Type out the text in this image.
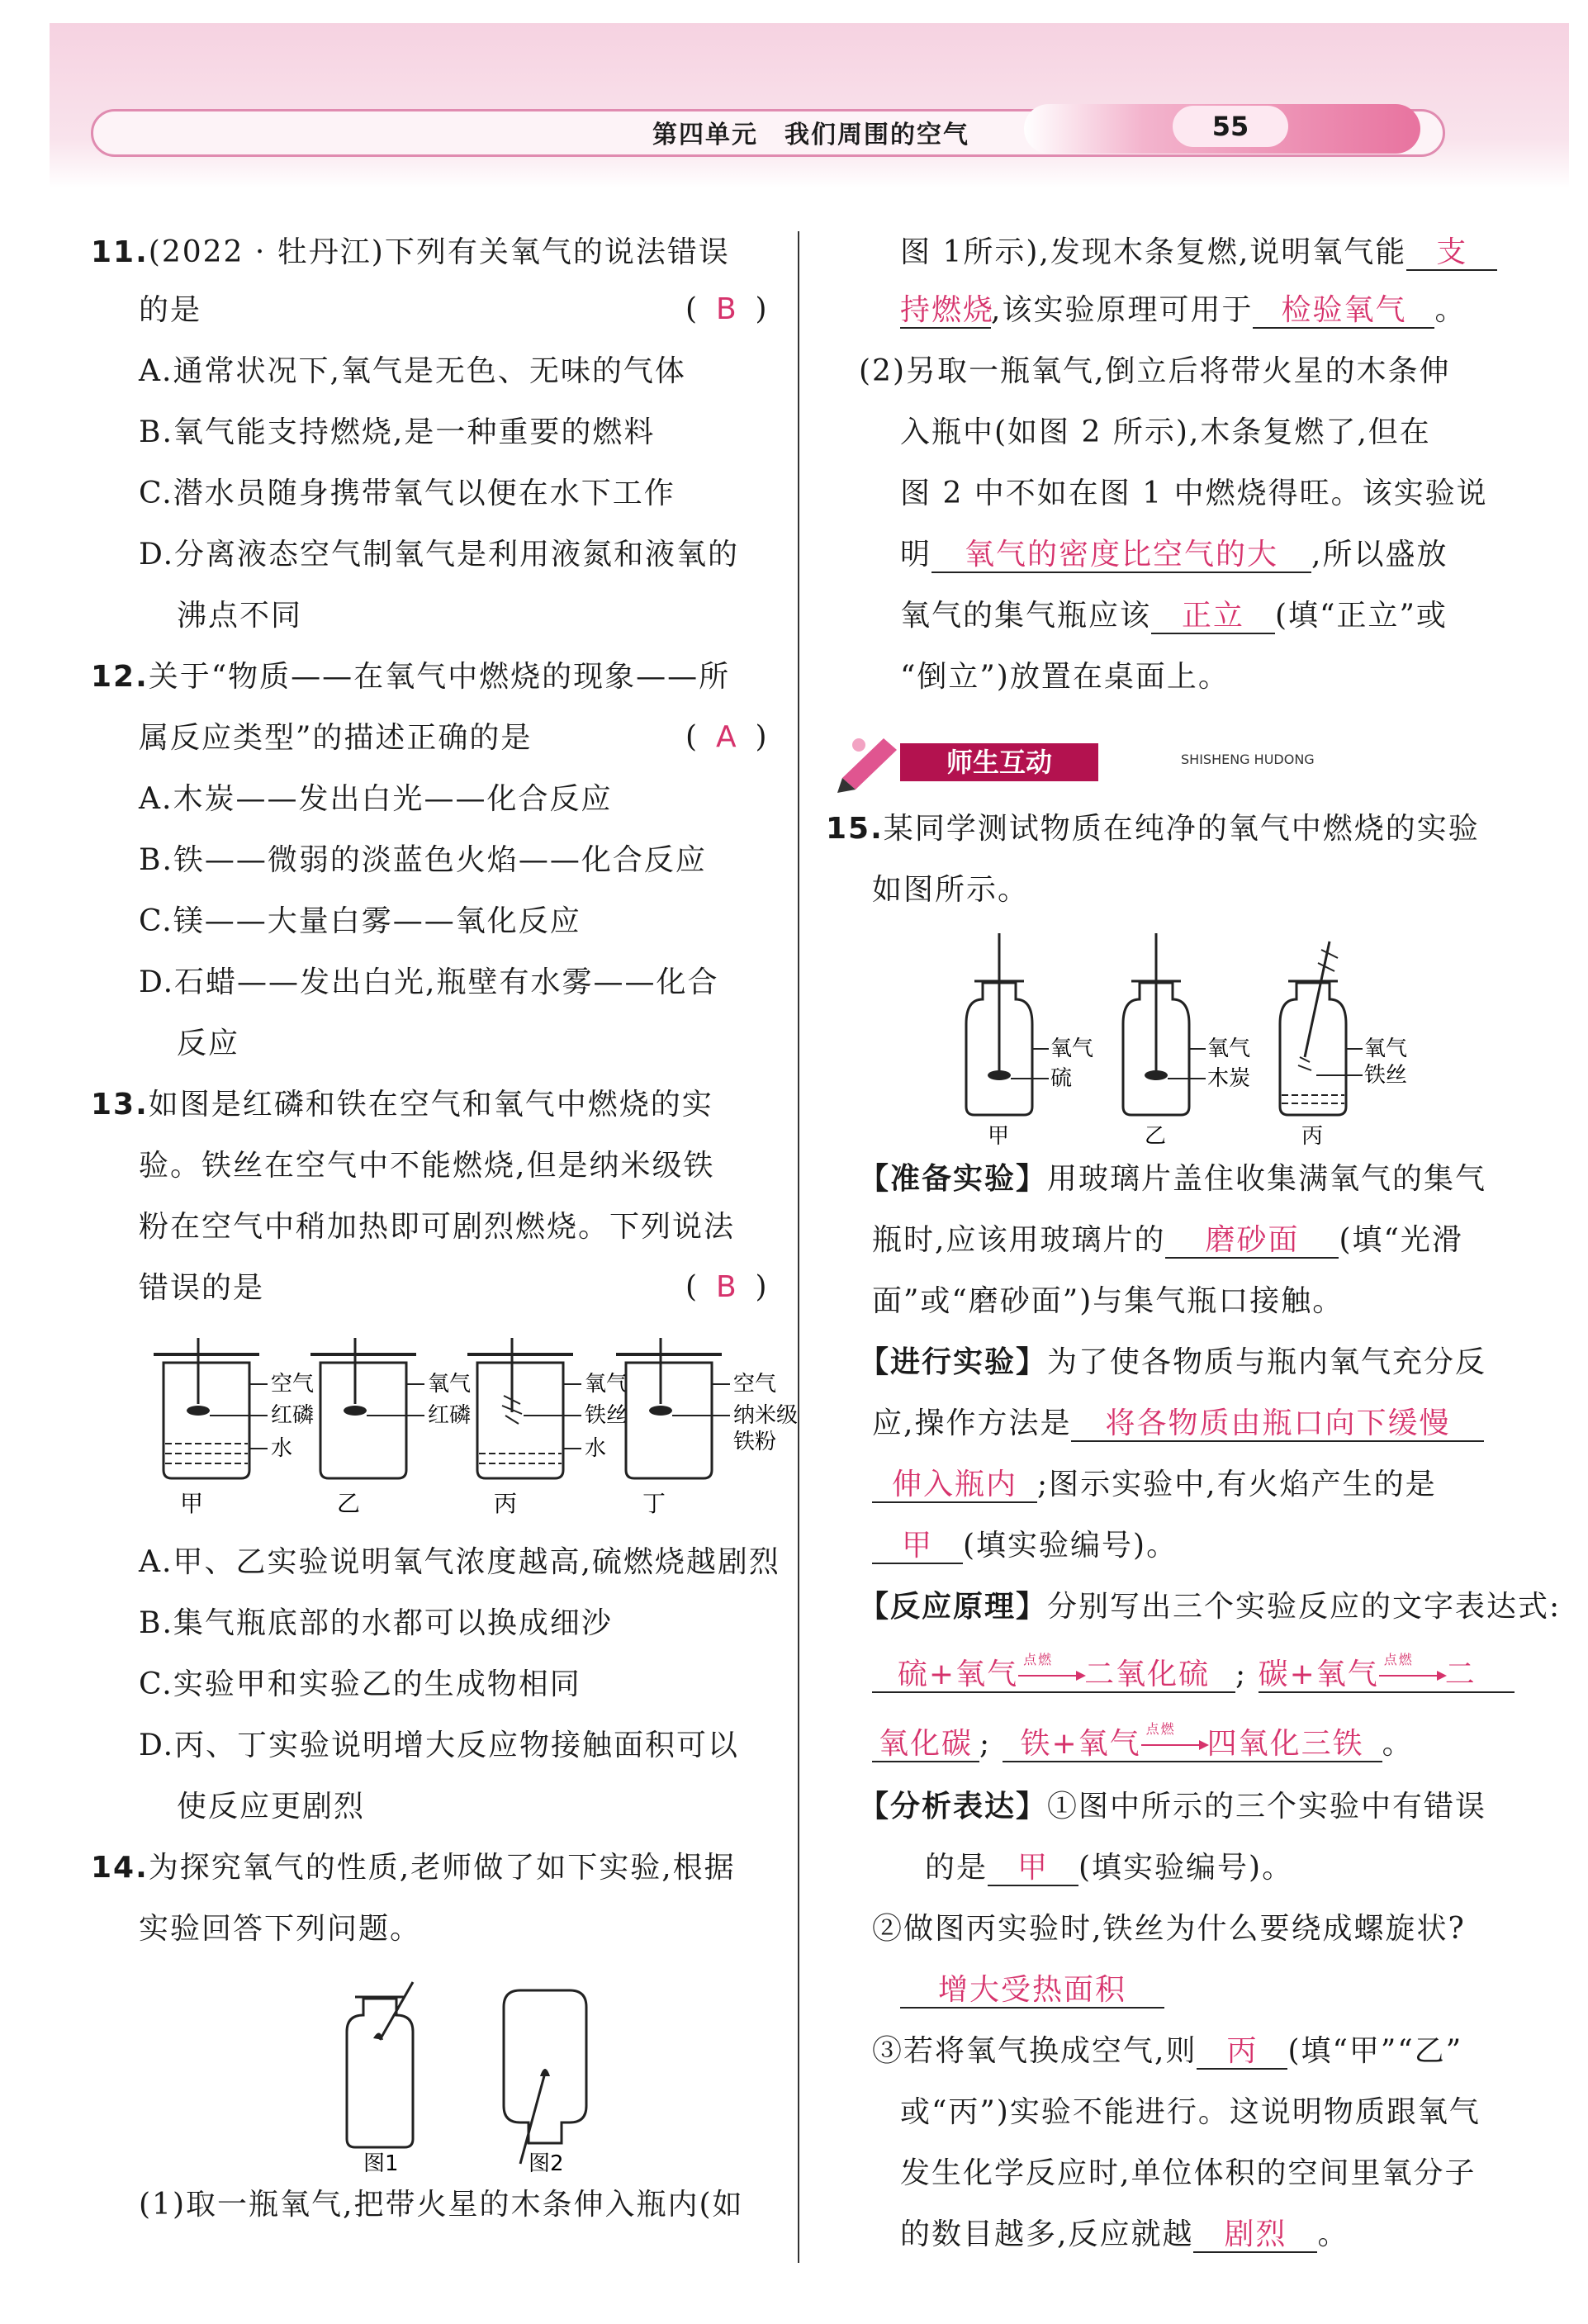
第四单元　我们周围的空气	55
11.(2022 · 牡丹江)下列有关氧气的说法错误
的是	(  B  )
A.通常状况下,氧气是无色、无味的气体
B.氧气能支持燃烧,是一种重要的燃料
C.潜水员随身携带氧气以便在水下工作
D.分离液态空气制氧气是利用液氮和液氧的
沸点不同
12.关于“物质——在氧气中燃烧的现象——所
属反应类型”的描述正确的是	(  A  )
A.木炭——发出白光——化合反应
B.铁——微弱的淡蓝色火焰——化合反应
C.镁——大量白雾——氧化反应
D.石蜡——发出白光,瓶壁有水雾——化合
反应
13.如图是红磷和铁在空气和氧气中燃烧的实
验。铁丝在空气中不能燃烧,但是纳米级铁
粉在空气中稍加热即可剧烈燃烧。下列说法
错误的是	(  B  )
空气
红磷
水
甲
氧气
红磷
乙
氧气
铁丝
水
丙
空气
纳米级
铁粉
丁
A.甲、乙实验说明氧气浓度越高,硫燃烧越剧烈
B.集气瓶底部的水都可以换成细沙
C.实验甲和实验乙的生成物相同
D.丙、丁实验说明增大反应物接触面积可以
使反应更剧烈
14.为探究氧气的性质,老师做了如下实验,根据
实验回答下列问题。
图1	图2
(1)取一瓶氧气,把带火星的木条伸入瓶内(如
图 1所示),发现木条复燃,说明氧气能 支
持燃烧,该实验原理可用于 检验氧气 。
(2)另取一瓶氧气,倒立后将带火星的木条伸
入瓶中(如图 2 所示),木条复燃了,但在
图 2 中不如在图 1 中燃烧得旺。该实验说
明 氧气的密度比空气的大 ,所以盛放
氧气的集气瓶应该 正立 (填“正立”或
“倒立”)放置在桌面上。
师生互动	SHISHENG HUDONG
15.某同学测试物质在纯净的氧气中燃烧的实验
如图所示。
氧气
硫
甲
氧气
木炭
乙
氧气
铁丝
丙
【准备实验】用玻璃片盖住收集满氧气的集气
瓶时,应该用玻璃片的 磨砂面 (填“光滑
面”或“磨砂面”)与集气瓶口接触。
【进行实验】为了使各物质与瓶内氧气充分反
应,操作方法是 将各物质由瓶口向下缓慢
伸入瓶内 ;图示实验中,有火焰产生的是
甲 (填实验编号)。
【反应原理】分别写出三个实验反应的文字表达式:
硫+氧气 点燃 二氧化硫 ; 碳+氧气 点燃 二
氧化碳 ; 铁+氧气 点燃 四氧化三铁 。
【分析表达】①图中所示的三个实验中有错误
的是 甲 (填实验编号)。
②做图丙实验时,铁丝为什么要绕成螺旋状?
增大受热面积
③若将氧气换成空气,则 丙 (填“甲”“乙”
或“丙”)实验不能进行。这说明物质跟氧气
发生化学反应时,单位体积的空间里氧分子
的数目越多,反应就越 剧烈 。
